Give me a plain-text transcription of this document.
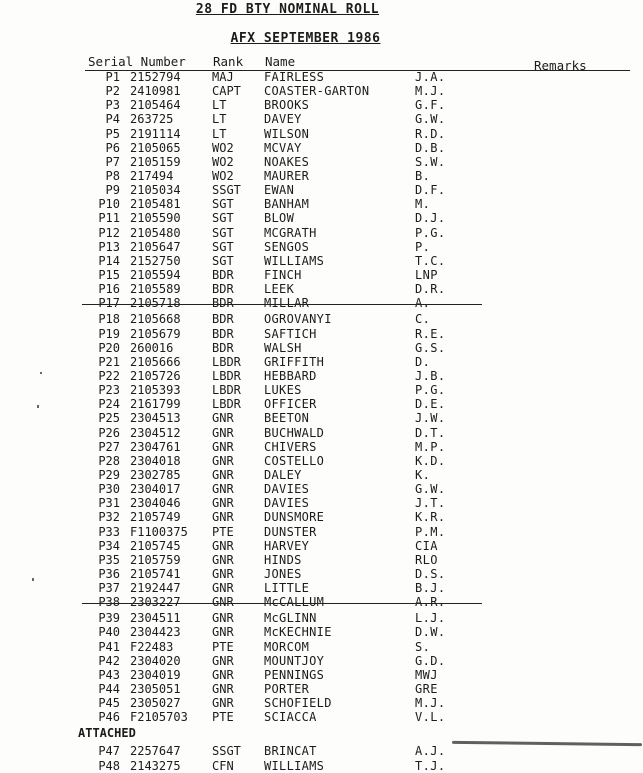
28 FD BTY NOMINAL ROLL
AFX SEPTEMBER 1986
Serial Number Rank Name	Remarks
P1 2152794	MAJ	FAIRLESS	J.A.
P2 2410981	CAPT COASTER-GARTON	M.J.
P3 2105464	LT	BROOKS	G.F.
P4 263725	LT	DAVEY	G.W.
P5 2191114	LT	WILSON	R.D.
P6 2105065	WO2	MCVAY	D.B.
P7 2105159	WO2	NOAKES	S.W.
P8 217494	WO2	MAURER	B.
P9 2105034	SSGT EWAN	D.F.
P10 2105481	SGT	BANHAM	M.
P11 2105590	SGT	BLOW	D.J.
P12 2105480	SGT	MCGRATH	P.G.
P13 2105647	SGT	SENGOS	P.
P14 2152750	SGT	WILLIAMS	T.C.
P15 2105594	BDR	FINCH	LNP
P16 2105589	BDR	LEEK	D.R.
P17 2105718	BDR	MILLAR	A.
P18 2105668	BDR	OGROVANYI	C.
P19 2105679	BDR	SAFTICH	R.E.
P20 260016	BDR	WALSH	G.S.
P21 2105666	LBDR GRIFFITH	D.
P22 2105726	LBDR HEBBARD	J.B.
P23 2105393	LBDR LUKES	P.G.
P24 2161799	LBDR OFFICER	D.E.
P25 2304513	GNR	BEETON	J.W.
P26 2304512	GNR	BUCHWALD	D.T.
P27 2304761	GNR	CHIVERS	M.P.
P28 2304018	GNR	COSTELLO	K.D.
P29 2302785	GNR	DALEY	K.
P30 2304017	GNR	DAVIES	G.W.
P31 2304046	GNR	DAVIES	J.T.
P32 2105749	GNR	DUNSMORE	K.R.
P33 F1100375 PTE	DUNSTER	P.M.
P34 2105745	GNR	HARVEY	CIA
P35 2105759	GNR	HINDS	RLO
P36 2105741	GNR	JONES	D.S.
P37 2192447	GNR	LITTLE	B.J.
P38 2303227	GNR	McCALLUM	A.R.
P39 2304511	GNR	McGLINN	L.J.
P40 2304423	GNR	McKECHNIE	D.W.
P41 F22483	PTE	MORCOM	S.
P42 2304020	GNR	MOUNTJOY	G.D.
P43 2304019	GNR	PENNINGS	MWJ
P44 2305051	GNR	PORTER	GRE
P45 2305027	GNR	SCHOFIELD	M.J.
P46 F2105703 PTE	SCIACCA	V.L.
ATTACHED
P47 2257647	SSGT BRINCAT	A.J.
P48 2143275	CFN	WILLIAMS	T.J.
